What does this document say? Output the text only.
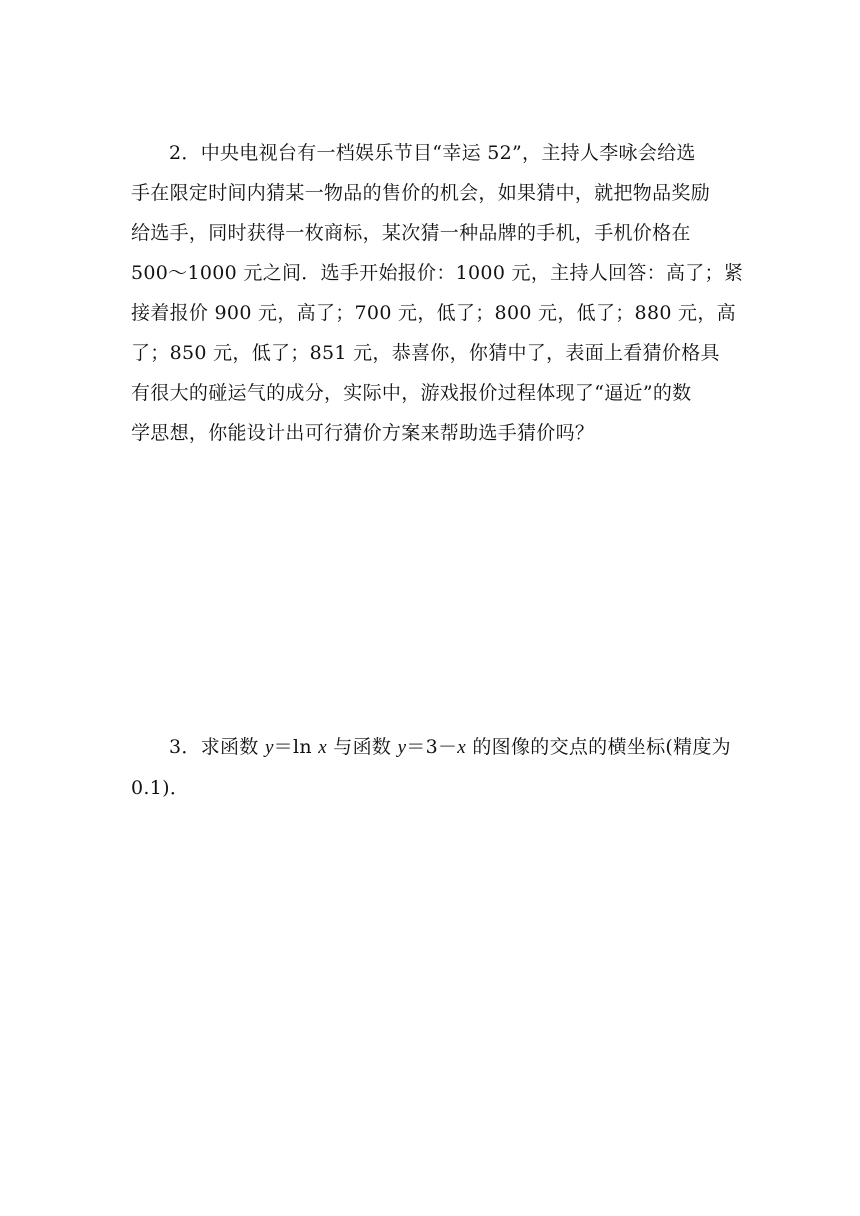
2．中央电视台有一档娱乐节目“幸运 52”，主持人李咏会给选
手在限定时间内猜某一物品的售价的机会，如果猜中，就把物品奖励
给选手，同时获得一枚商标，某次猜一种品牌的手机，手机价格在
500～1000 元之间．选手开始报价：1000 元，主持人回答：高了；紧
接着报价 900 元，高了；700 元，低了；800 元，低了；880 元，高
了；850 元，低了；851 元，恭喜你，你猜中了，表面上看猜价格具
有很大的碰运气的成分，实际中，游戏报价过程体现了“逼近”的数
学思想，你能设计出可行猜价方案来帮助选手猜价吗？
3．求函数 y＝ln x 与函数 y＝3－x 的图像的交点的横坐标(精度为
0.1)．
